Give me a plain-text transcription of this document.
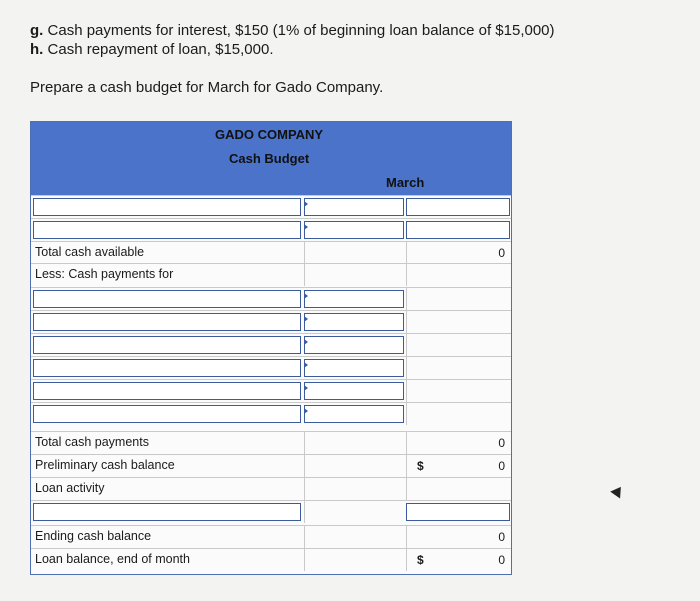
g. Cash payments for interest, $150 (1% of beginning loan balance of $15,000)
h. Cash repayment of loan, $15,000.
Prepare a cash budget for March for Gado Company.
GADO COMPANY
Cash Budget
March
Total cash available	0
Less: Cash payments for
Total cash payments	0
Preliminary cash balance	$	0
Loan activity
Ending cash balance	0
Loan balance, end of month	$	0
